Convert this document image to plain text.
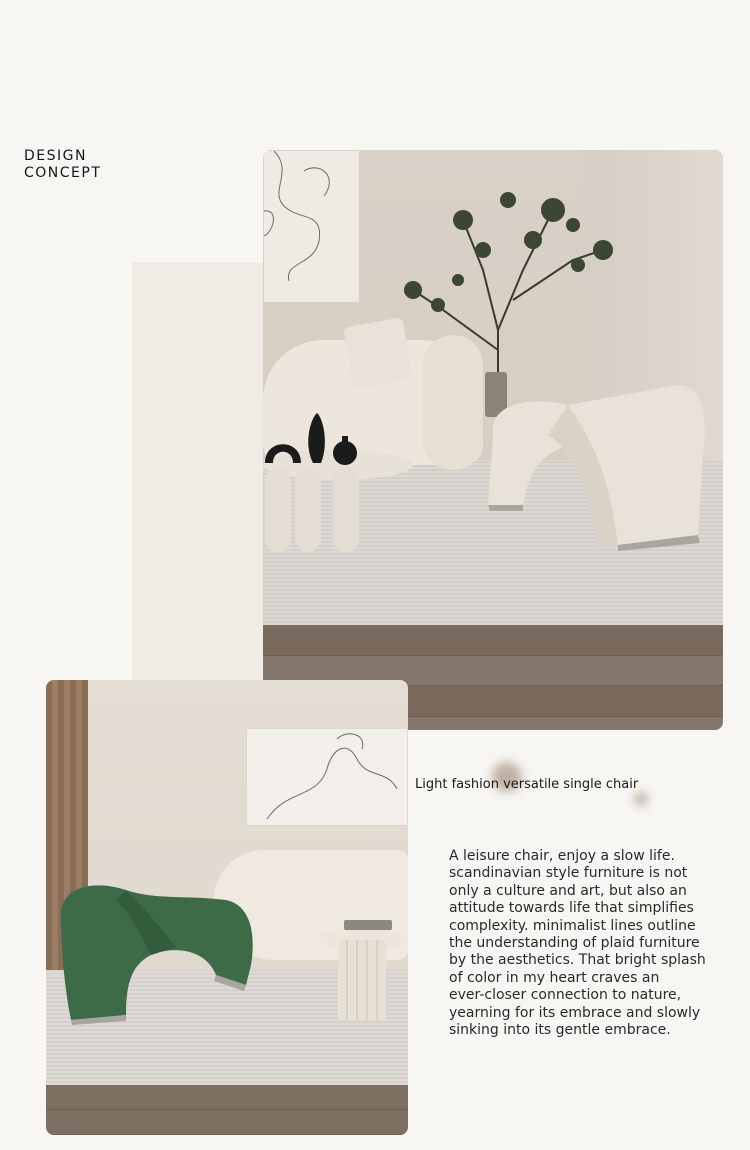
DESIGN
CONCEPT
Light fashion versatile single chair

A leisure chair, enjoy a slow life.
scandinavian style furniture is not
only a culture and art, but also an
attitude towards life that simplifies
complexity. minimalist lines outline
the understanding of plaid furniture
by the aesthetics. That bright splash
of color in my heart craves an
ever-closer connection to nature,
yearning for its embrace and slowly
sinking into its gentle embrace.
